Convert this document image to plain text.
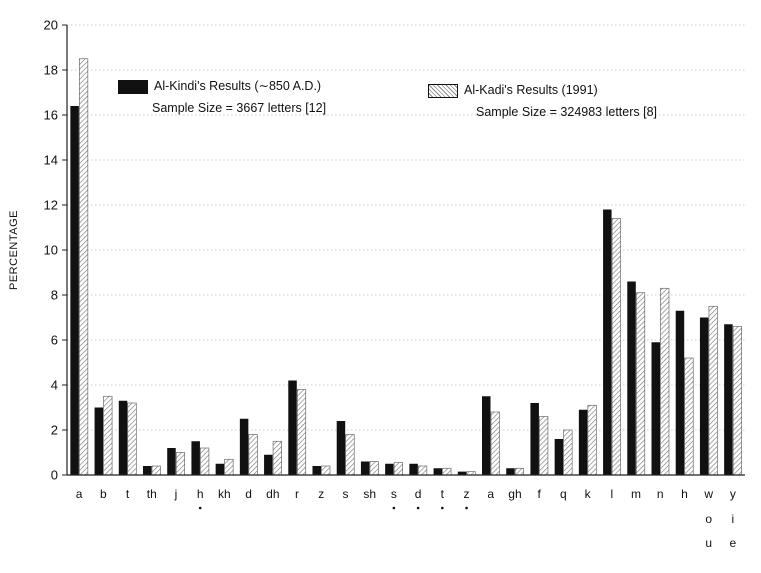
0
2
4
6
8
10
12
14
16
18
20
a b t th j h kh d dh r z s sh s d t z a gh f q k l m n h w
o
u
y
i
e
PERCENTAGE
Al-Kindi's Results (∼850 A.D.)
Sample Size = 3667 letters [12]
Al-Kadi's Results (1991)
Sample Size = 324983 letters [8]
